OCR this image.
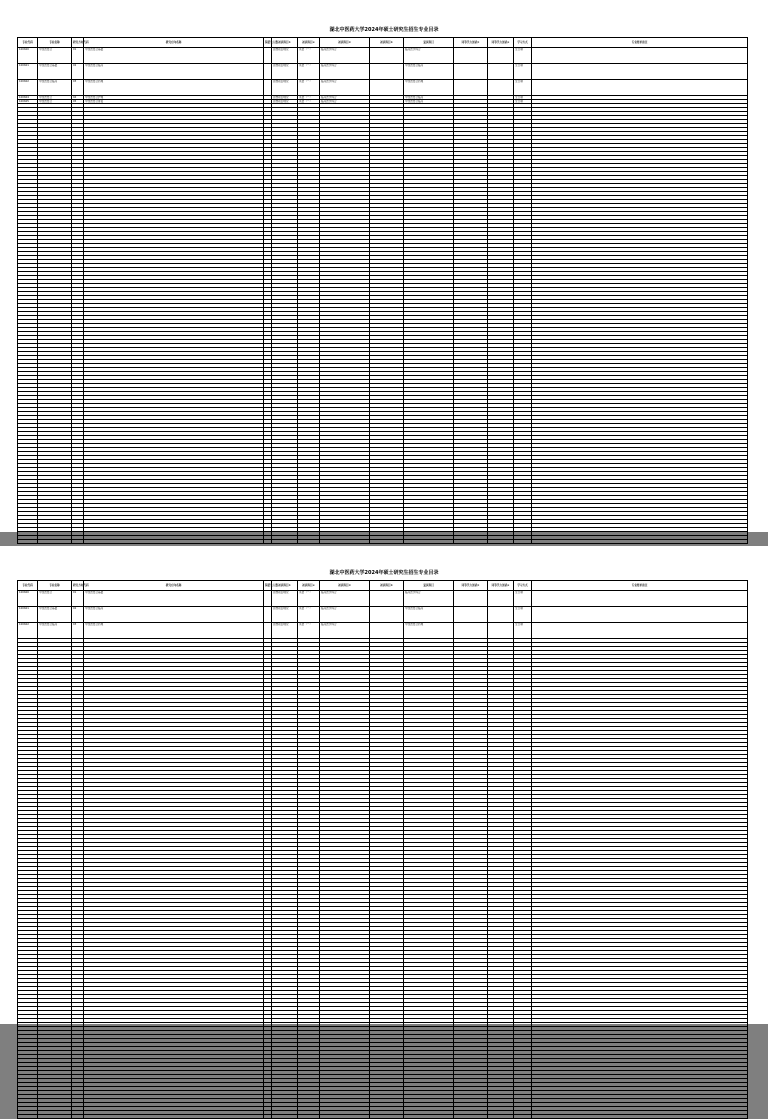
湖北中医药大学2024年硕士研究生招生专业目录
专业代码	专业名称	研究方向代码	研究方向名称	拟招生人数	初试科目①	初试科目②	初试科目③	初试科目④	复试科目	同等学力加试①	同等学力加试②	学习方式	专业要求备注
100600	中西医结合	01	中西医结合基础		思想政治理论	英语（一）	临床医学综合		临床医学综合			全日制	
100601	中西医结合基础	02	中西医结合临床		思想政治理论	英语（一）	临床医学综合		中西医结合临床			全日制	
100602	中西医结合临床	03	中西医结合药理		思想政治理论	英语（一）	临床医学综合		中西医结合药理			全日制	
100604	中西医结合	04	中西医结合护理		思想政治理论	英语（一）	临床医学综合		中西医结合临床			全日制	
100605	中西医结合	05	中西医结合康复		思想政治理论	英语（一）	临床医学综合		中西医结合临床			全日制	

湖北中医药大学2024年硕士研究生招生专业目录
专业代码	专业名称	研究方向代码	研究方向名称	拟招生人数	初试科目①	初试科目②	初试科目③	初试科目④	复试科目	同等学力加试①	同等学力加试②	学习方式	专业要求备注
100600	中西医结合	01	中西医结合基础		思想政治理论	英语（一）	临床医学综合		临床医学综合			全日制	
100601	中西医结合基础	02	中西医结合临床		思想政治理论	英语（一）	临床医学综合		中西医结合临床			全日制	
100602	中西医结合临床	03	中西医结合药理		思想政治理论	英语（一）	临床医学综合		中西医结合药理			全日制	
